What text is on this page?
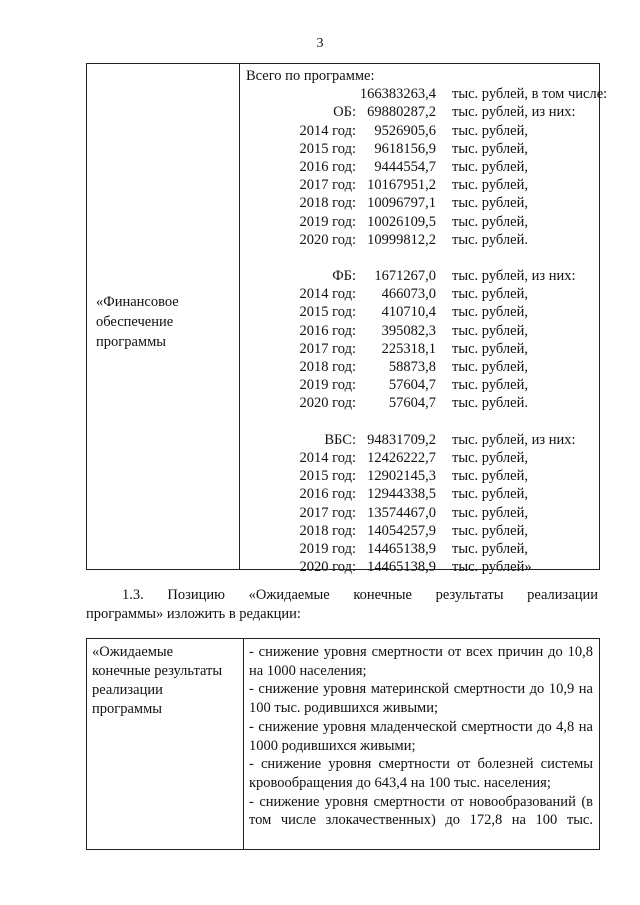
3
«Финансовое
обеспечение
программы
Всего по программе:
166383263,4 тыс. рублей, в том числе:
ОБ: 69880287,2 тыс. рублей, из них:
2014 год: 9526905,6 тыс. рублей,
2015 год: 9618156,9 тыс. рублей,
2016 год: 9444554,7 тыс. рублей,
2017 год: 10167951,2 тыс. рублей,
2018 год: 10096797,1 тыс. рублей,
2019 год: 10026109,5 тыс. рублей,
2020 год: 10999812,2 тыс. рублей.
ФБ: 1671267,0 тыс. рублей, из них:
2014 год: 466073,0 тыс. рублей,
2015 год: 410710,4 тыс. рублей,
2016 год: 395082,3 тыс. рублей,
2017 год: 225318,1 тыс. рублей,
2018 год: 58873,8 тыс. рублей,
2019 год: 57604,7 тыс. рублей,
2020 год: 57604,7 тыс. рублей.
ВБС: 94831709,2 тыс. рублей, из них:
2014 год: 12426222,7 тыс. рублей,
2015 год: 12902145,3 тыс. рублей,
2016 год: 12944338,5 тыс. рублей,
2017 год: 13574467,0 тыс. рублей,
2018 год: 14054257,9 тыс. рублей,
2019 год: 14465138,9 тыс. рублей,
2020 год: 14465138,9 тыс. рублей»
1.3. Позицию «Ожидаемые конечные результаты реализации
программы» изложить в редакции:
«Ожидаемые
конечные результаты
реализации
программы

- снижение уровня смертности от всех причин до 10,8 на 1000 населения;

- снижение уровня материнской смертности до 10,9 на 100 тыс. родившихся живыми;

- снижение уровня младенческой смертности до 4,8 на 1000 родившихся живыми;

- снижение уровня смертности от болезней системы кровообращения до 643,4 на 100 тыс. населения;

- снижение уровня смертности от новообразований (в том числе злокачественных) до 172,8 на 100 тыс.
